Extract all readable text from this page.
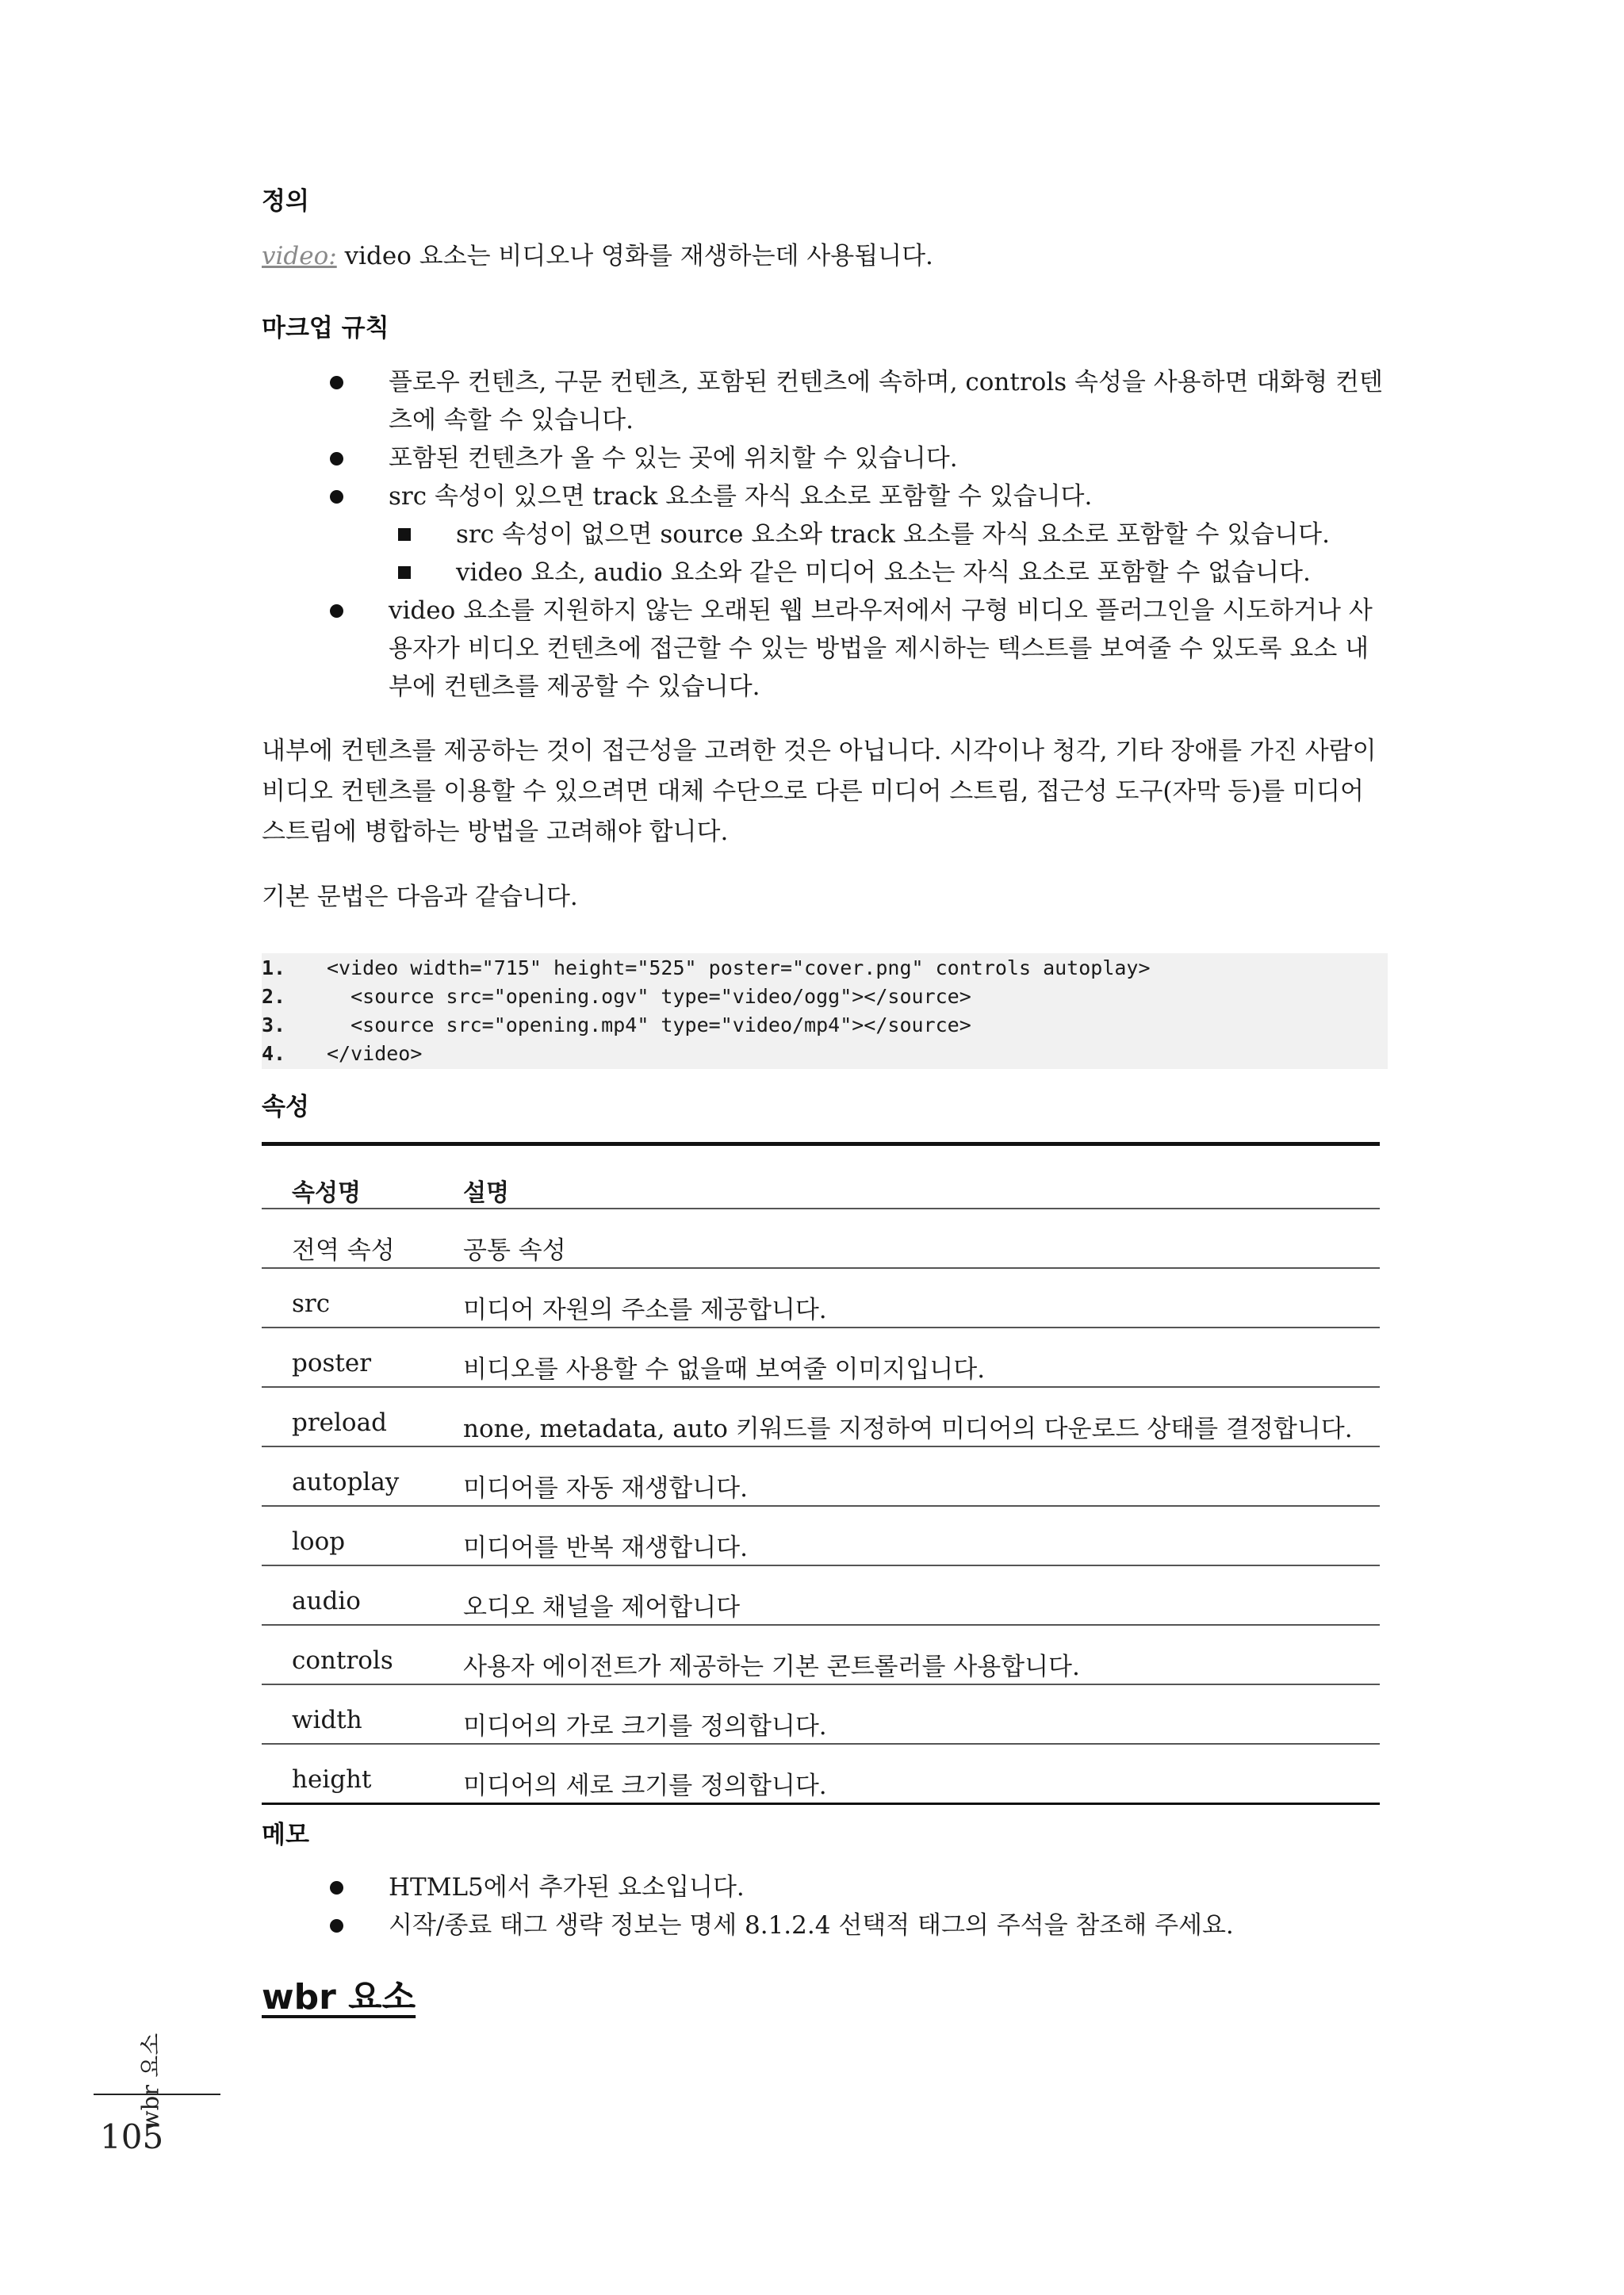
정의

video: video 요소는 비디오나 영화를 재생하는데 사용됩니다.

마크업 규칙
플로우 컨텐츠, 구문 컨텐츠, 포함된 컨텐츠에 속하며, controls 속성을 사용하면 대화형 컨텐츠에 속할 수 있습니다.
포함된 컨텐츠가 올 수 있는 곳에 위치할 수 있습니다.
src 속성이 있으면 track 요소를 자식 요소로 포함할 수 있습니다.
src 속성이 없으면 source 요소와 track 요소를 자식 요소로 포함할 수 있습니다.
video 요소, audio 요소와 같은 미디어 요소는 자식 요소로 포함할 수 없습니다.
video 요소를 지원하지 않는 오래된 웹 브라우저에서 구형 비디오 플러그인을 시도하거나 사용자가 비디오 컨텐츠에 접근할 수 있는 방법을 제시하는 텍스트를 보여줄 수 있도록 요소 내부에 컨텐츠를 제공할 수 있습니다.

내부에 컨텐츠를 제공하는 것이 접근성을 고려한 것은 아닙니다. 시각이나 청각, 기타 장애를 가진 사람이 비디오 컨텐츠를 이용할 수 있으려면 대체 수단으로 다른 미디어 스트림, 접근성 도구(자막 등)를 미디어 스트림에 병합하는 방법을 고려해야 합니다.

기본 문법은 다음과 같습니다.

1. <video width="715" height="525" poster="cover.png" controls autoplay>
2. <source src="opening.ogv" type="video/ogg"></source>
3. <source src="opening.mp4" type="video/mp4"></source>
4. </video>
속성
속성명	설명
전역 속성	공통 속성
src	미디어 자원의 주소를 제공합니다.
poster	비디오를 사용할 수 없을때 보여줄 이미지입니다.
preload	none, metadata, auto 키워드를 지정하여 미디어의 다운로드 상태를 결정합니다.
autoplay	미디어를 자동 재생합니다.
loop	미디어를 반복 재생합니다.
audio	오디오 채널을 제어합니다
controls	사용자 에이전트가 제공하는 기본 콘트롤러를 사용합니다.
width	미디어의 가로 크기를 정의합니다.
height	미디어의 세로 크기를 정의합니다.
메모
HTML5에서 추가된 요소입니다.
시작/종료 태그 생략 정보는 명세 8.1.2.4 선택적 태그의 주석을 참조해 주세요.
wbr 요소
wbr 요소
105
